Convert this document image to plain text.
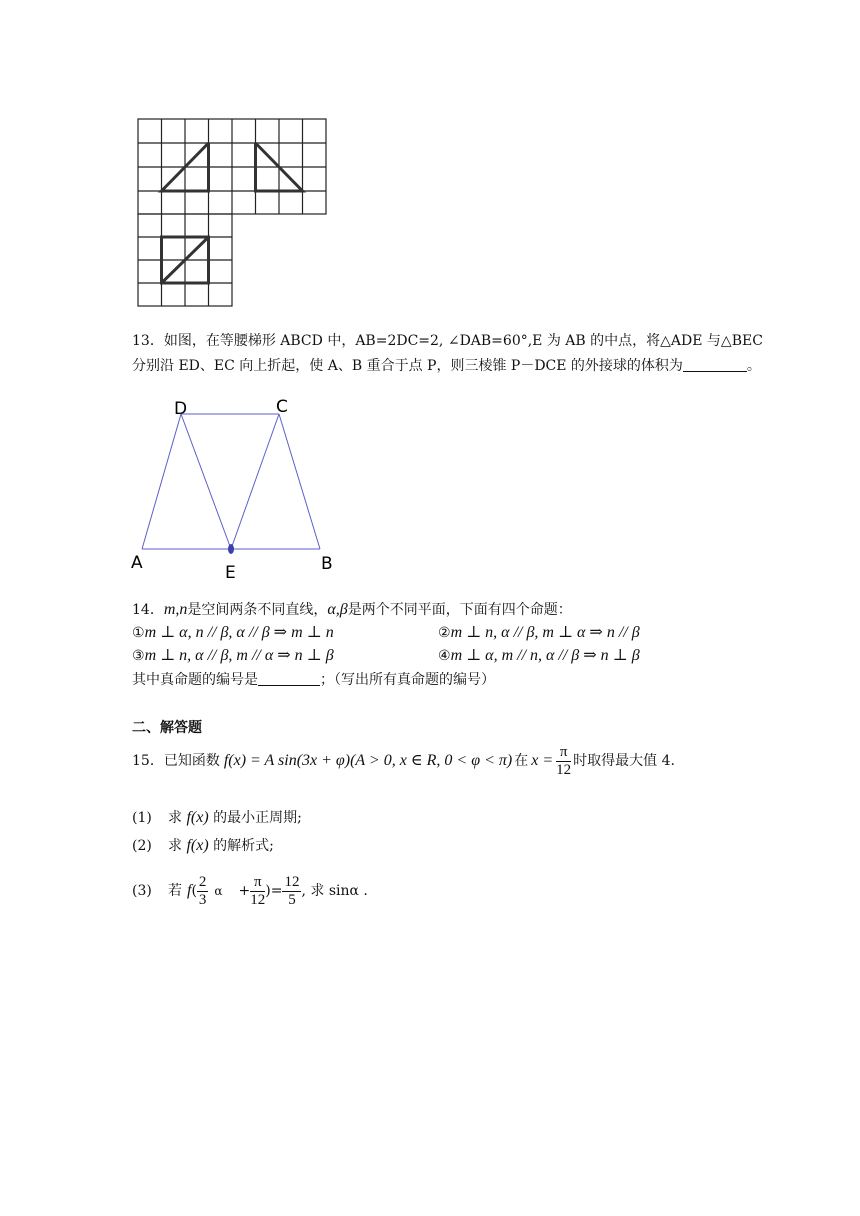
13．如图，在等腰梯形 ABCD 中，AB=2DC=2, ∠DAB=60°,E 为 AB 的中点，将△ADE 与△BEC
分别沿 ED、EC 向上折起，使 A、B 重合于点 P，则三棱锥 P－DCE 的外接球的体积为	。
D	C
A	E	B
14．m,n是空间两条不同直线，α,β是两个不同平面，下面有四个命题：
①m ⊥ α, n // β, α // β ⇒ m ⊥ n	②m ⊥ n, α // β, m ⊥ α ⇒ n // β
③m ⊥ n, α // β, m // α ⇒ n ⊥ β	④m ⊥ α, m // n, α // β ⇒ n ⊥ β
其中真命题的编号是	；（写出所有真命题的编号）
二、解答题
15．已知函数 f(x) = A sin(3x + φ)(A > 0, x ∈ R, 0 < φ < π) 在 $x = \frac{\pi}{12}$ 时取得最大值 4.
(1) 求 f(x) 的最小正周期;
(2) 求 f(x) 的解析式;
(3)	若 f ( $\frac{2}{3}$ $\alpha + \frac{\pi}{12}$ )= $\frac{12}{5}$ , 求 sinα .
